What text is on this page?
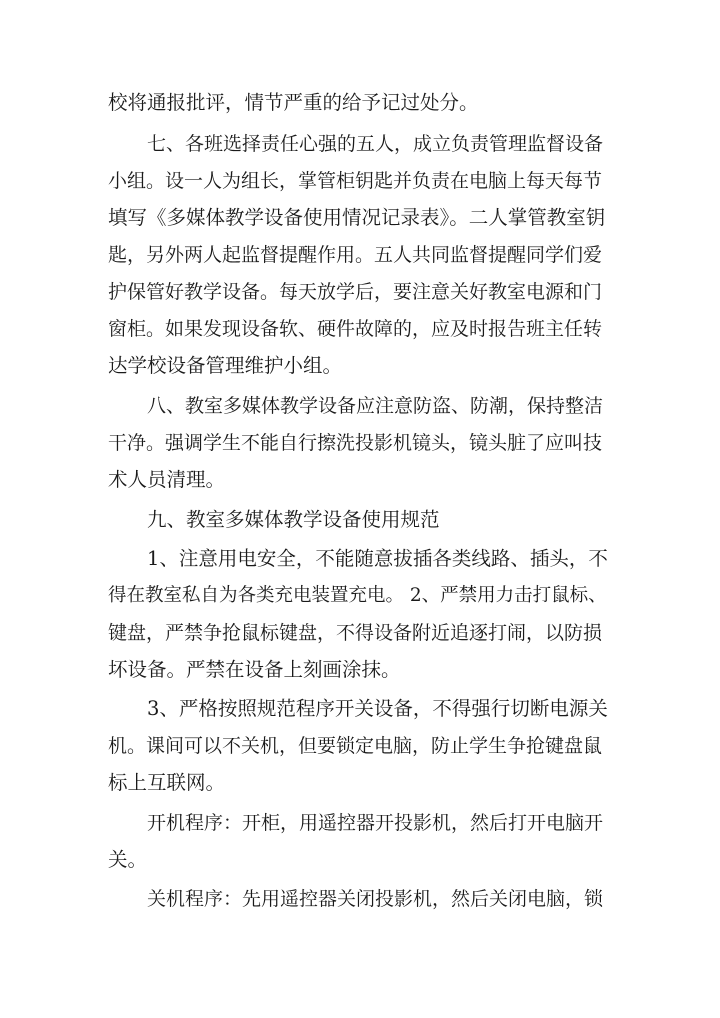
校将通报批评，情节严重的给予记过处分。
七、各班选择责任心强的五人，成立负责管理监督设备
小组。设一人为组长，掌管柜钥匙并负责在电脑上每天每节
填写《多媒体教学设备使用情况记录表》。二人掌管教室钥
匙，另外两人起监督提醒作用。五人共同监督提醒同学们爱
护保管好教学设备。每天放学后，要注意关好教室电源和门
窗柜。如果发现设备软、硬件故障的，应及时报告班主任转
达学校设备管理维护小组。
八、教室多媒体教学设备应注意防盗、防潮，保持整洁
干净。强调学生不能自行擦洗投影机镜头，镜头脏了应叫技
术人员清理。
九、教室多媒体教学设备使用规范
1、注意用电安全，不能随意拔插各类线路、插头，不
得在教室私自为各类充电装置充电。 2、严禁用力击打鼠标、
键盘，严禁争抢鼠标键盘，不得设备附近追逐打闹，以防损
坏设备。严禁在设备上刻画涂抹。
3、严格按照规范程序开关设备，不得强行切断电源关
机。课间可以不关机，但要锁定电脑，防止学生争抢键盘鼠
标上互联网。
开机程序：开柜，用遥控器开投影机，然后打开电脑开
关。
关机程序：先用遥控器关闭投影机，然后关闭电脑，锁
